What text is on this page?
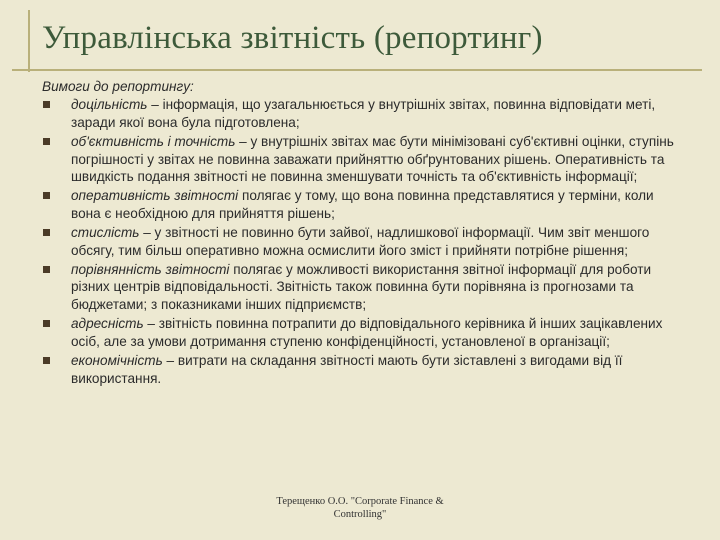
Управлінська звітність (репортинг)

Вимоги до репортингу:

доцільність – інформація, що узагальнюється у внутрішніх звітах, повинна відповідати меті, заради якої вона була підготовлена;
об'єктивність і точність – у внутрішніх звітах має бути мінімізовані суб'єктивні оцінки, ступінь погрішності у звітах не повинна заважати прийняттю обґрунтованих рішень. Оперативність та швидкість подання звітності не повинна зменшувати точність та об'єктивність інформації;
оперативність звітності полягає у тому, що вона повинна представлятися у терміни, коли вона є необхідною для прийняття рішень;
стислість – у звітності не повинно бути зайвої, надлишкової інформації. Чим звіт меншого обсягу, тим більш оперативно можна осмислити його зміст і прийняти потрібне рішення;
порівнянність звітності полягає у можливості використання звітної інформації для роботи різних центрів відповідальності. Звітність також повинна бути порівняна із прогнозами та бюджетами; з показниками інших підприємств;
адресність – звітність повинна потрапити до відповідального керівника й інших зацікавлених осіб, але за умови дотримання ступеню конфіденційності, установленої в організації;
економічність – витрати на складання звітності мають бути зіставлені з вигодами від її використання.
Терещенко О.О. "Corporate Finance &
Controlling"
